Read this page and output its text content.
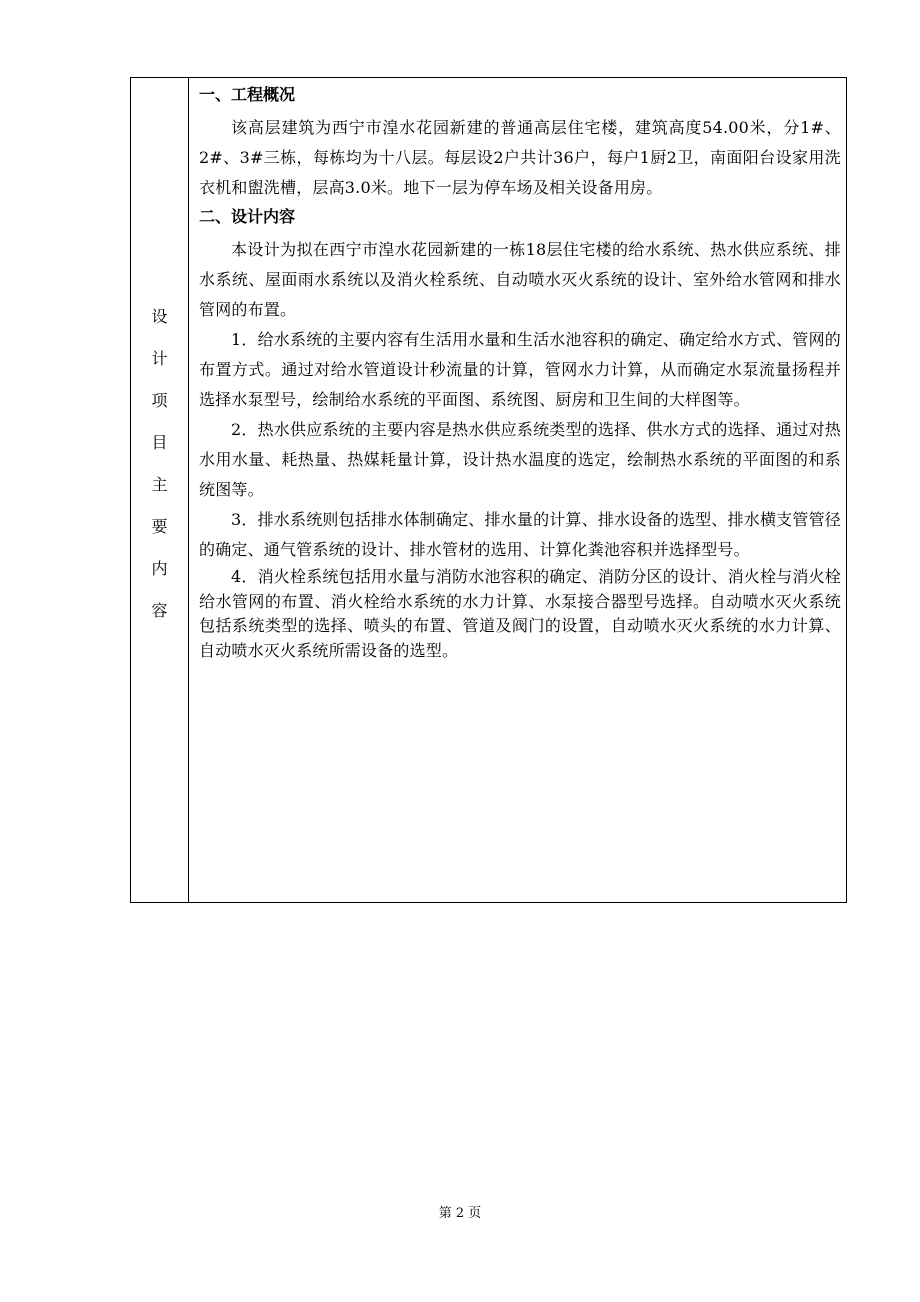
设
计
项
目
主
要
内
容
一、工程概况

该高层建筑为西宁市湟水花园新建的普通高层住宅楼，建筑高度54.00米，分1#、2#、3#三栋，每栋均为十八层。每层设2户共计36户，每户1厨2卫，南面阳台设家用洗衣机和盥洗槽，层高3.0米。地下一层为停车场及相关设备用房。

二、设计内容

本设计为拟在西宁市湟水花园新建的一栋18层住宅楼的给水系统、热水供应系统、排水系统、屋面雨水系统以及消火栓系统、自动喷水灭火系统的设计、室外给水管网和排水管网的布置。

1．给水系统的主要内容有生活用水量和生活水池容积的确定、确定给水方式、管网的布置方式。通过对给水管道设计秒流量的计算，管网水力计算，从而确定水泵流量扬程并选择水泵型号，绘制给水系统的平面图、系统图、厨房和卫生间的大样图等。

2．热水供应系统的主要内容是热水供应系统类型的选择、供水方式的选择、通过对热水用水量、耗热量、热媒耗量计算，设计热水温度的选定，绘制热水系统的平面图的和系统图等。

3．排水系统则包括排水体制确定、排水量的计算、排水设备的选型、排水横支管管径的确定、通气管系统的设计、排水管材的选用、计算化粪池容积并选择型号。

4．消火栓系统包括用水量与消防水池容积的确定、消防分区的设计、消火栓与消火栓给水管网的布置、消火栓给水系统的水力计算、水泵接合器型号选择。自动喷水灭火系统包括系统类型的选择、喷头的布置、管道及阀门的设置，自动喷水灭火系统的水力计算、自动喷水灭火系统所需设备的选型。

第 2 页
